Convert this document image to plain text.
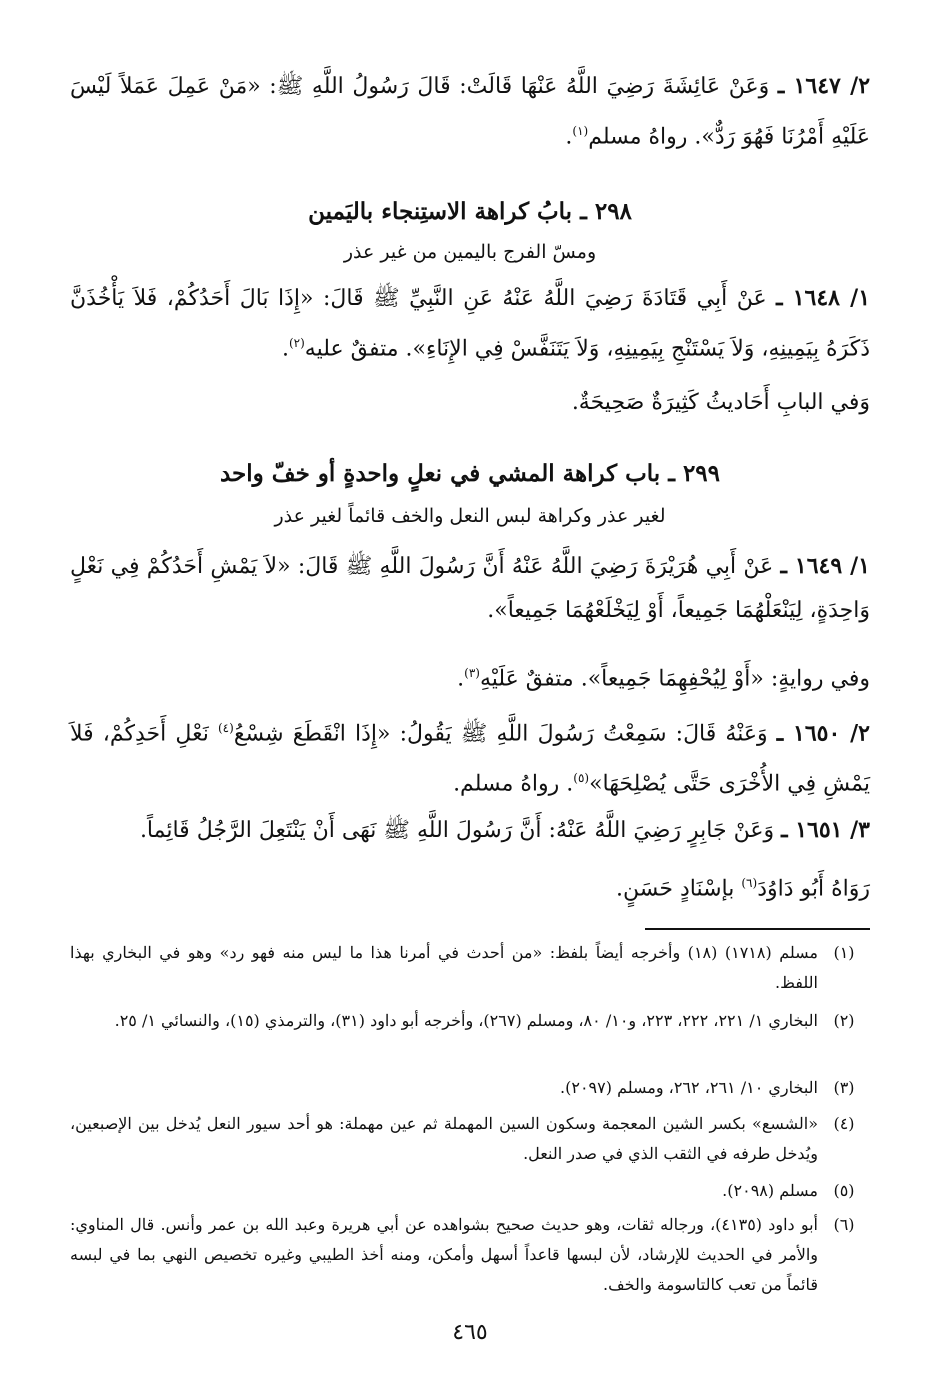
٢/ ١٦٤٧ ـ وَعَنْ عَائِشَةَ رَضِيَ اللَّهُ عَنْهَا قَالَتْ: قَالَ رَسُولُ اللَّهِ ﷺ: «مَنْ عَمِلَ عَمَلاً لَيْسَ عَلَيْهِ أَمْرُنَا فَهُوَ رَدٌّ». رواهُ مسلم$^{(١)}$.

٢٩٨ ـ بابُ كراهة الاستِنجاء باليَمين

ومسّ الفرج باليمين من غير عذر

١/ ١٦٤٨ ـ عَنْ أَبِي قَتَادَةَ رَضِيَ اللَّهُ عَنْهُ عَنِ النَّبِيِّ ﷺ قَالَ: «إِذَا بَالَ أَحَدُكُمْ، فَلاَ يَأْخُذَنَّ ذَكَرَهُ بِيَمِينِهِ، وَلاَ يَسْتَنْجِ بِيَمِينِهِ، وَلاَ يَتَنَفَّسْ فِي الإِنَاءِ». متفقٌ عليه$^{(٢)}$.

وَفي البابِ أَحَاديثُ كَثِيرَةٌ صَحِيحَةٌ.

٢٩٩ ـ باب كراهة المشي في نعلٍ واحدةٍ أو خفّ واحد

لغير عذر وكراهة لبس النعل والخف قائماً لغير عذر

١/ ١٦٤٩ ـ عَنْ أَبِي هُرَيْرَةَ رَضِيَ اللَّهُ عَنْهُ أَنَّ رَسُولَ اللَّهِ ﷺ قَالَ: «لاَ يَمْشِ أَحَدُكُمْ فِي نَعْلٍ وَاحِدَةٍ، لِيَنْعَلْهُمَا جَمِيعاً، أَوْ لِيَخْلَعْهُمَا جَمِيعاً».

وفي روايةٍ: «أَوْ لِيُحْفِهِمَا جَمِيعاً». متفقٌ عَلَيْهِ$^{(٣)}$.

٢/ ١٦٥٠ ـ وَعَنْهُ قَالَ: سَمِعْتُ رَسُولَ اللَّهِ ﷺ يَقُولُ: «إِذَا انْقَطَعَ شِسْعُ$^{(٤)}$ نَعْلِ أَحَدِكُمْ، فَلاَ يَمْشِ فِي الأُخْرَى حَتَّى يُصْلِحَهَا»$^{(٥)}$. رواهُ مسلم.

٣/ ١٦٥١ ـ وَعَنْ جَابِرٍ رَضِيَ اللَّهُ عَنْهُ: أَنَّ رَسُولَ اللَّهِ ﷺ نَهَى أَنْ يَنْتَعِلَ الرَّجُلُ قَائِماً.

رَوَاهُ أَبُو دَاوُدَ$^{(٦)}$ بإسْنَادٍ حَسَنٍ.

(١)
مسلم (١٧١٨) (١٨) وأخرجه أيضاً بلفظ: «من أحدث في أمرنا هذا ما ليس منه فهو رد» وهو في البخاري بهذا اللفظ.
(٢)
البخاري ١/ ٢٢١، ٢٢٢، ٢٢٣، و١٠/ ٨٠، ومسلم (٢٦٧)، وأخرجه أبو داود (٣١)، والترمذي (١٥)، والنسائي ١/ ٢٥.
(٣)
البخاري ١٠/ ٢٦١، ٢٦٢، ومسلم (٢٠٩٧).
(٤)
«الشسع» بكسر الشين المعجمة وسكون السين المهملة ثم عين مهملة: هو أحد سيور النعل يُدخل بين الإصبعين، ويُدخل طرفه في الثقب الذي في صدر النعل.
(٥)
مسلم (٢٠٩٨).
(٦)
أبو داود (٤١٣٥)، ورجاله ثقات، وهو حديث صحيح بشواهده عن أبي هريرة وعبد الله بن عمر وأنس. قال المناوي: والأمر في الحديث للإرشاد، لأن لبسها قاعداً أسهل وأمكن، ومنه أخذ الطيبي وغيره تخصيص النهي بما في لبسه قائماً من تعب كالتاسومة والخف.
٤٦٥
